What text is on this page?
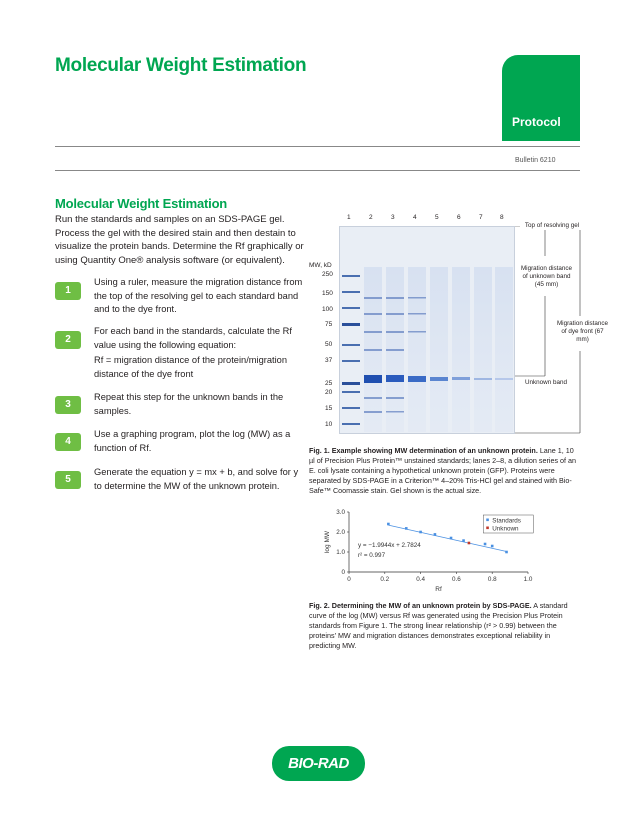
Molecular Weight Estimation
Protocol
Bulletin 6210
Molecular Weight Estimation
Run the standards and samples on an SDS-PAGE gel. Process the gel with the desired stain and then destain to visualize the protein bands. Determine the Rf graphically or using Quantity One® analysis software (or equivalent).
1
Using a ruler, measure the migration distance from the top of the resolving gel to each standard band and to the dye front.
2
For each band in the standards, calculate the Rf value using the following equation:
Rf = migration distance of the protein/migration distance of the dye front
3
Repeat this step for the unknown bands in the samples.
4
Use a graphing program, plot the log (MW) as a function of Rf.
5
Generate the equation y = mx + b, and solve for y to determine the MW of the unknown protein.
1	2	3	4	5	6	7	8
MW, kD
250
150
100
75
50
37
25
20
15
10
Top of resolving gel
Migration distance of unknown band (45 mm)
Migration distance of dye front (67 mm)
Unknown band
Fig. 1. Example showing MW determination of an unknown protein. Lane 1, 10 µl of Precision Plus Protein™ unstained standards; lanes 2–8, a dilution series of an E. coli lysate containing a hypothetical unknown protein (GFP). Proteins were separated by SDS-PAGE in a Criterion™ 4–20% Tris-HCl gel and stained with Bio-Safe™ Coomassie stain. Gel shown is the actual size.
0	0.2	0.4	0.6	0.8	1.0
0
1.0
2.0
3.0
Rf
log MW	y = −1.9944x + 2.7824
r² = 0.997
Standards
Unknown
Fig. 2. Determining the MW of an unknown protein by SDS-PAGE. A standard curve of the log (MW) versus Rf was generated using the Precision Plus Protein standards from Figure 1. The strong linear relationship (r² > 0.99) between the proteins' MW and migration distances demonstrates exceptional reliability in predicting MW.
BIO-RAD
